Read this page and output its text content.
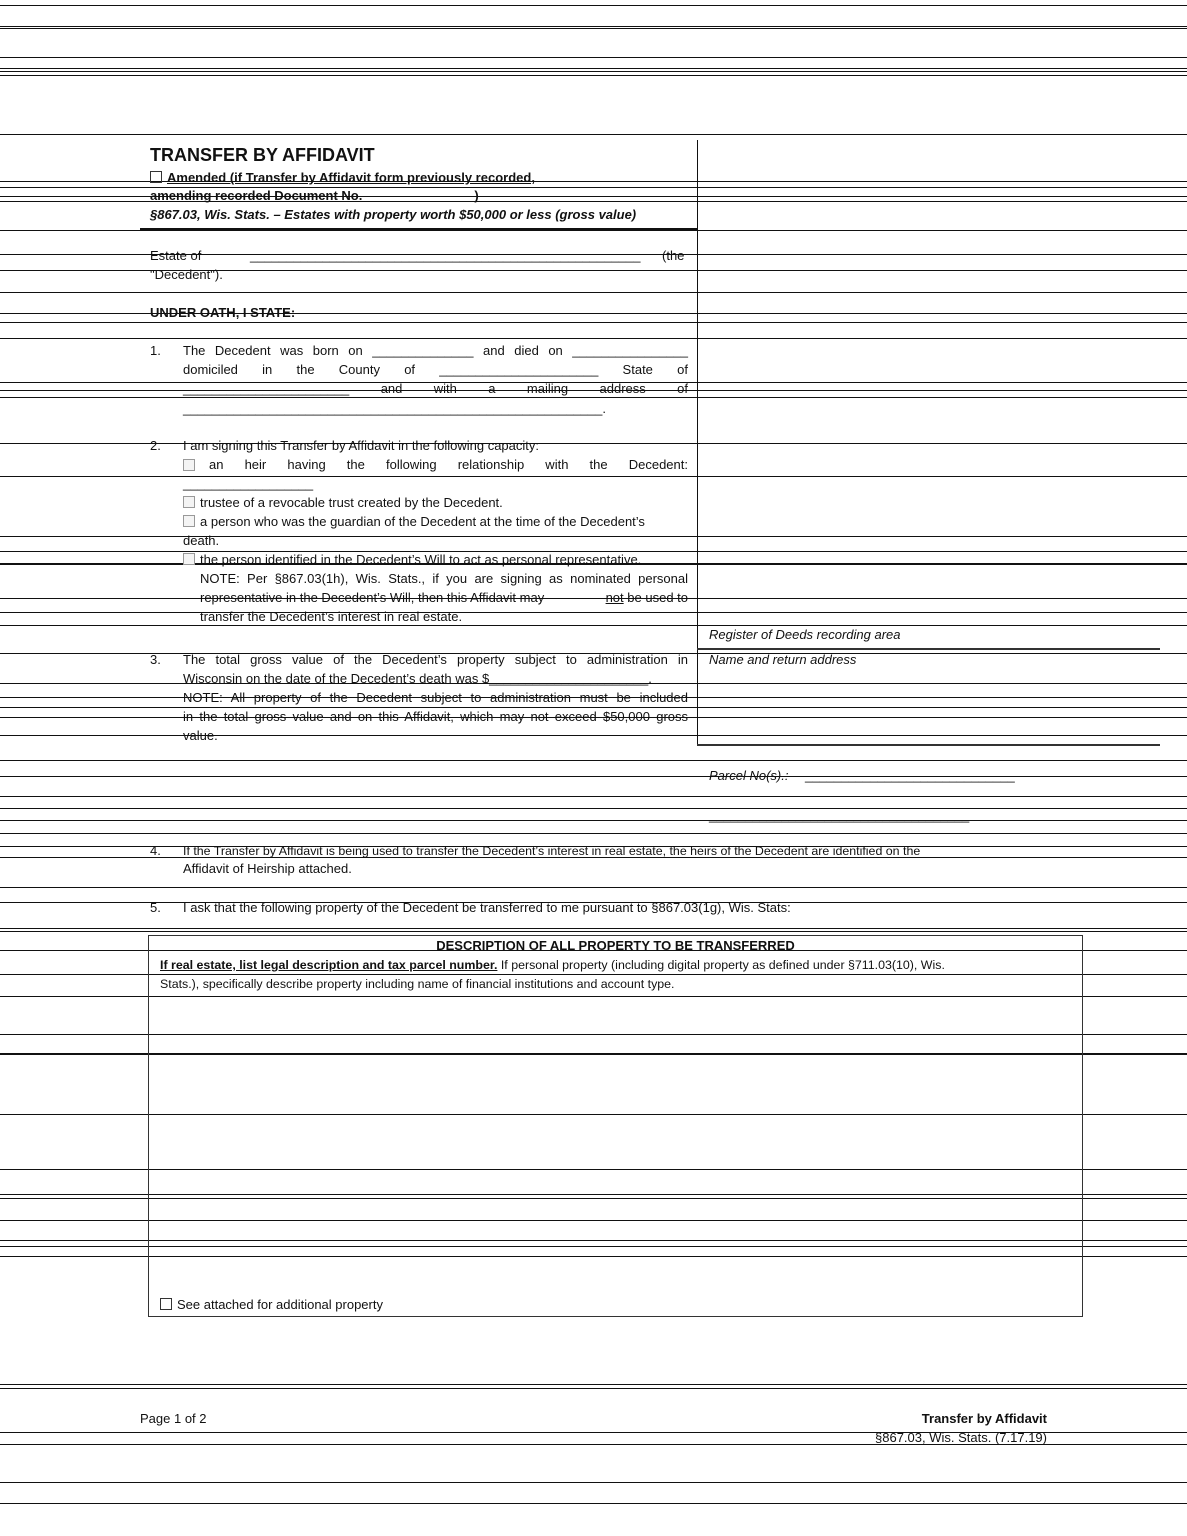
TRANSFER BY AFFIDAVIT
Amended (if Transfer by Affidavit form previously recorded,
amending recorded Document No. _______________)
§867.03, Wis. Stats. – Estates with property worth $50,000 or less (gross value)
Estate of	______________________________________________________ (the
"Decedent").
UNDER OATH, I STATE:
1. The Decedent was born on ______________ and died on ________________
domiciled in the County of ______________________ State of
_______________________ and with a mailing address of
__________________________________________________________.
2. I am signing this Transfer by Affidavit in the following capacity:
an heir having the following relationship with the Decedent:
__________________
trustee of a revocable trust created by the Decedent.
a person who was the guardian of the Decedent at the time of the Decedent’s
death.
the person identified in the Decedent’s Will to act as personal representative.
NOTE: Per §867.03(1h), Wis. Stats., if you are signing as nominated personal
representative in the Decedent’s Will, then this Affidavit may	not be used to
transfer the Decedent’s interest in real estate.
3. The total gross value of the Decedent’s property subject to administration in
Wisconsin on the date of the Decedent’s death was $______________________.
NOTE: All property of the Decedent subject to administration must be included
in the total gross value and on this Affidavit, which may not exceed $50,000 gross
value.
Register of Deeds recording area
Name and return address
Parcel No(s).: _____________________________
____________________________________
4. If the Transfer by Affidavit is being used to transfer the Decedent’s interest in real estate, the heirs of the Decedent are identified on the
Affidavit of Heirship attached.
5. I ask that the following property of the Decedent be transferred to me pursuant to §867.03(1g), Wis. Stats:
DESCRIPTION OF ALL PROPERTY TO BE TRANSFERRED
If real estate, list legal description and tax parcel number. If personal property (including digital property as defined under §711.03(10), Wis.
Stats.), specifically describe property including name of financial institutions and account type.
See attached for additional property
Page 1 of 2	Transfer by Affidavit
§867.03, Wis. Stats. (7.17.19)
